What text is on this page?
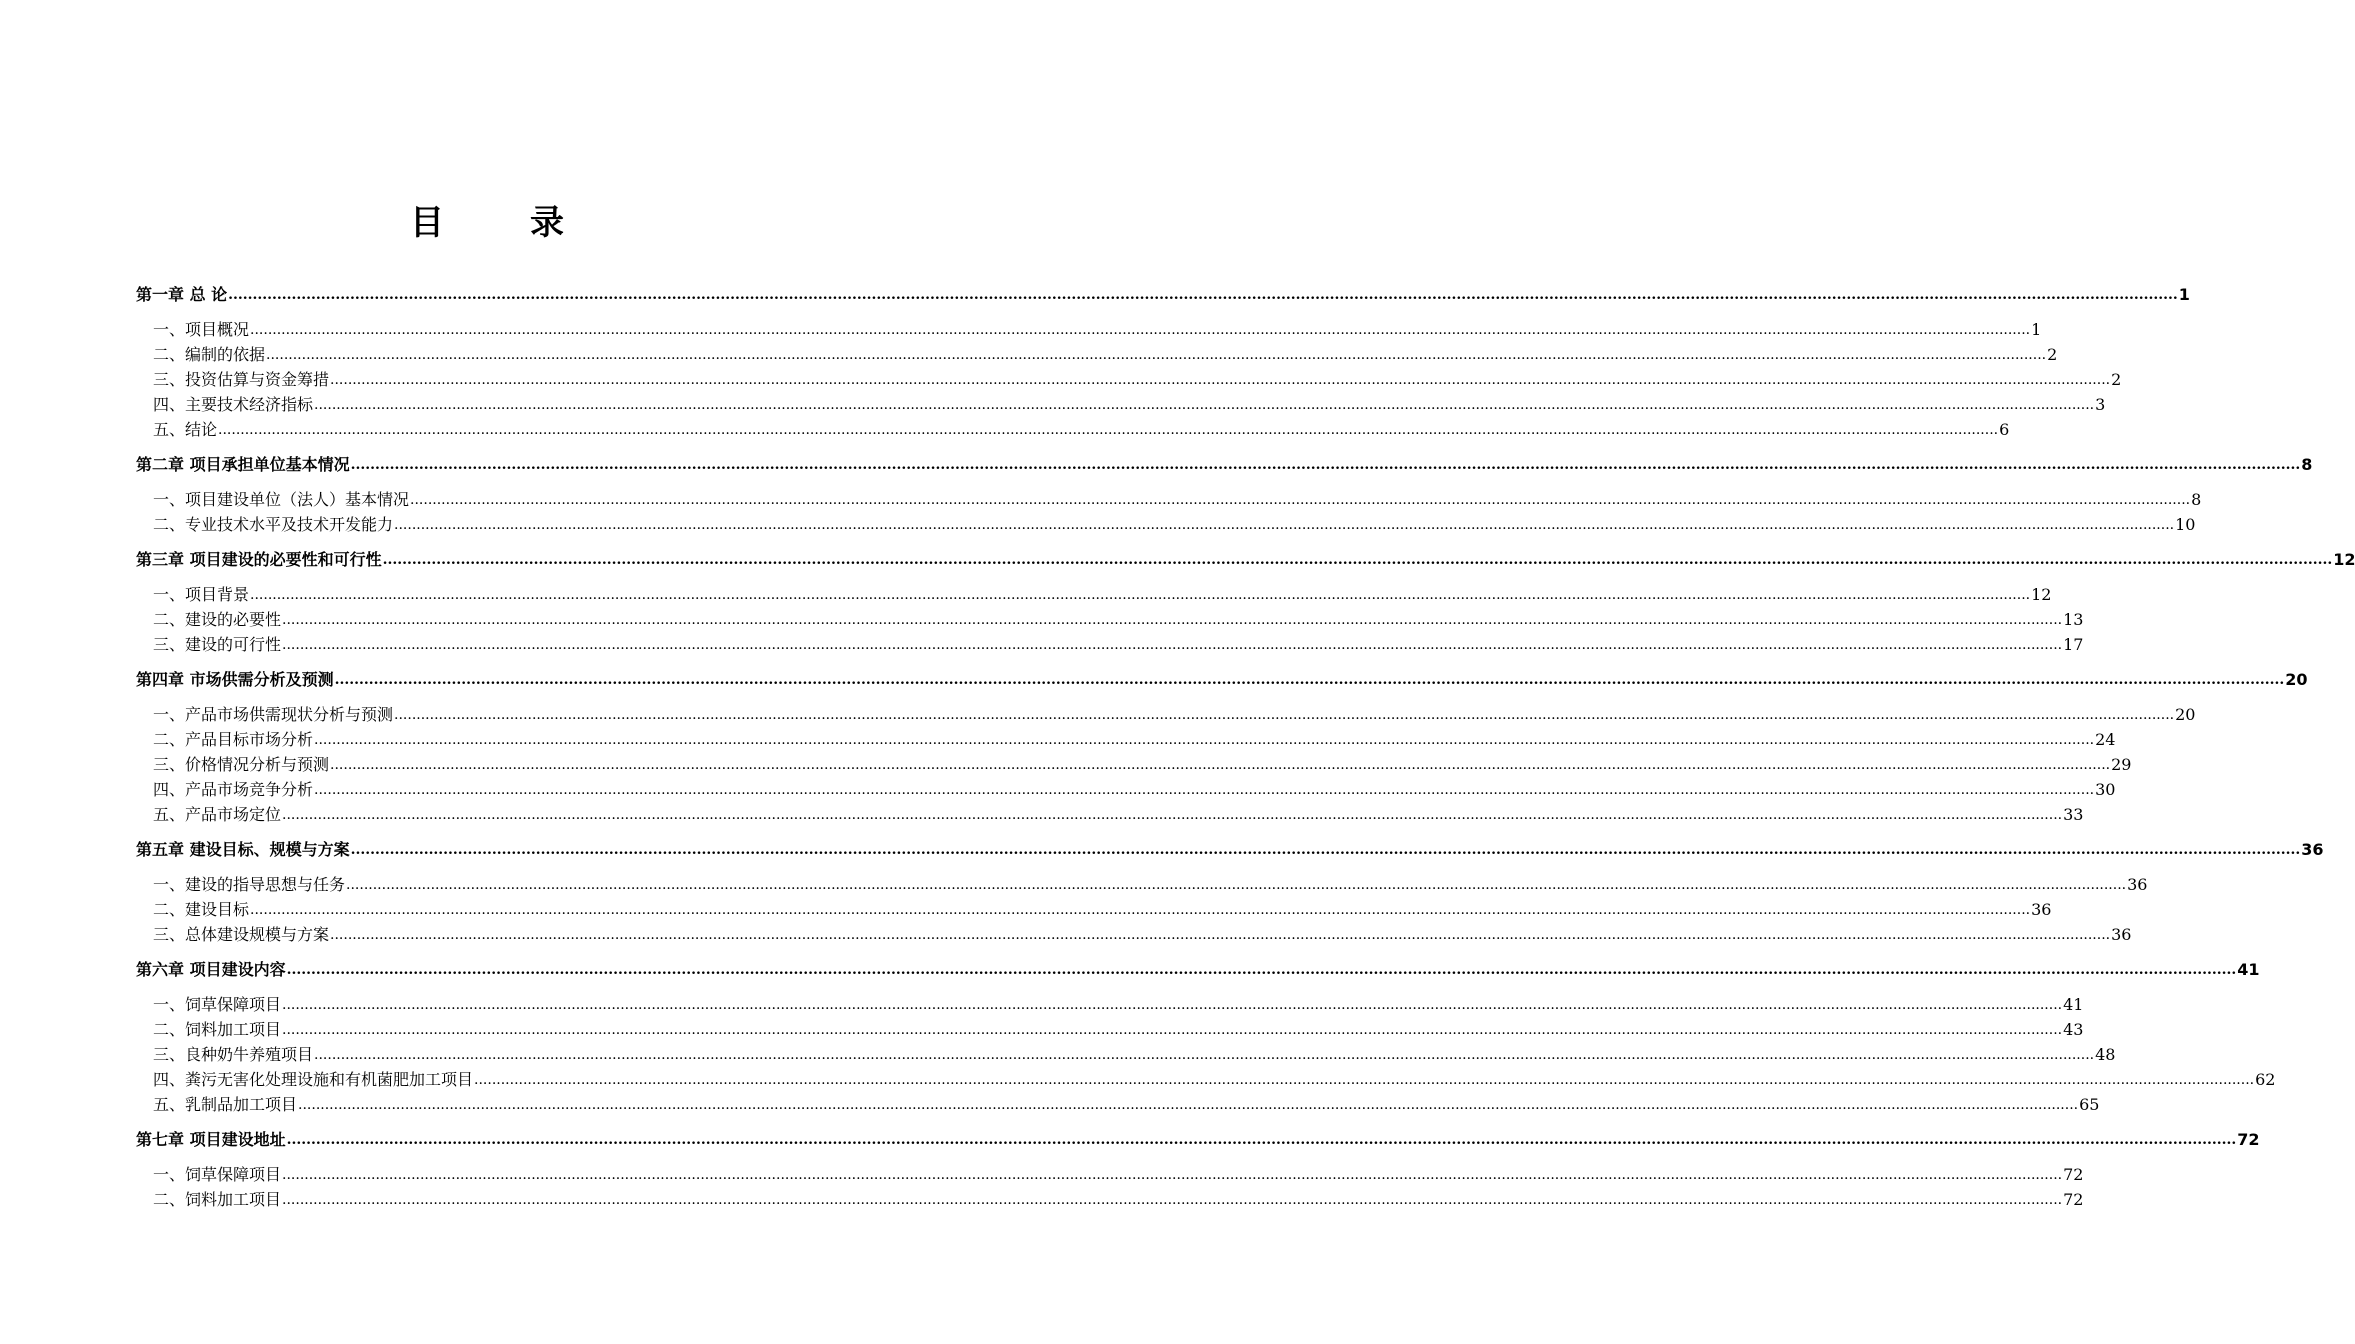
目	录
第一章 总 论 ................................................................................................................................................................................................................................................................................................................................................................................................................ 1
一、项目概况 ................................................................................................................................................................................................................................................................................................................................................................................................................ 1
二、编制的依据 ................................................................................................................................................................................................................................................................................................................................................................................................................ 2
三、投资估算与资金筹措 ................................................................................................................................................................................................................................................................................................................................................................................................................ 2
四、主要技术经济指标 ................................................................................................................................................................................................................................................................................................................................................................................................................ 3
五、结论 ................................................................................................................................................................................................................................................................................................................................................................................................................ 6
第二章 项目承担单位基本情况 ................................................................................................................................................................................................................................................................................................................................................................................................................ 8
一、项目建设单位（法人）基本情况 ................................................................................................................................................................................................................................................................................................................................................................................................................ 8
二、专业技术水平及技术开发能力 ................................................................................................................................................................................................................................................................................................................................................................................................................ 10
第三章 项目建设的必要性和可行性 ................................................................................................................................................................................................................................................................................................................................................................................................................ 12
一、项目背景 ................................................................................................................................................................................................................................................................................................................................................................................................................ 12
二、建设的必要性 ................................................................................................................................................................................................................................................................................................................................................................................................................ 13
三、建设的可行性 ................................................................................................................................................................................................................................................................................................................................................................................................................ 17
第四章 市场供需分析及预测 ................................................................................................................................................................................................................................................................................................................................................................................................................ 20
一、产品市场供需现状分析与预测 ................................................................................................................................................................................................................................................................................................................................................................................................................ 20
二、产品目标市场分析 ................................................................................................................................................................................................................................................................................................................................................................................................................ 24
三、价格情况分析与预测 ................................................................................................................................................................................................................................................................................................................................................................................................................ 29
四、产品市场竞争分析 ................................................................................................................................................................................................................................................................................................................................................................................................................ 30
五、产品市场定位 ................................................................................................................................................................................................................................................................................................................................................................................................................ 33
第五章 建设目标、规模与方案 ................................................................................................................................................................................................................................................................................................................................................................................................................ 36
一、建设的指导思想与任务 ................................................................................................................................................................................................................................................................................................................................................................................................................ 36
二、建设目标 ................................................................................................................................................................................................................................................................................................................................................................................................................ 36
三、总体建设规模与方案 ................................................................................................................................................................................................................................................................................................................................................................................................................ 36
第六章 项目建设内容 ................................................................................................................................................................................................................................................................................................................................................................................................................ 41
一、饲草保障项目 ................................................................................................................................................................................................................................................................................................................................................................................................................ 41
二、饲料加工项目 ................................................................................................................................................................................................................................................................................................................................................................................................................ 43
三、良种奶牛养殖项目 ................................................................................................................................................................................................................................................................................................................................................................................................................ 48
四、粪污无害化处理设施和有机菌肥加工项目 ................................................................................................................................................................................................................................................................................................................................................................................................................ 62
五、乳制品加工项目 ................................................................................................................................................................................................................................................................................................................................................................................................................ 65
第七章 项目建设地址 ................................................................................................................................................................................................................................................................................................................................................................................................................ 72
一、饲草保障项目 ................................................................................................................................................................................................................................................................................................................................................................................................................ 72
二、饲料加工项目 ................................................................................................................................................................................................................................................................................................................................................................................................................ 72
